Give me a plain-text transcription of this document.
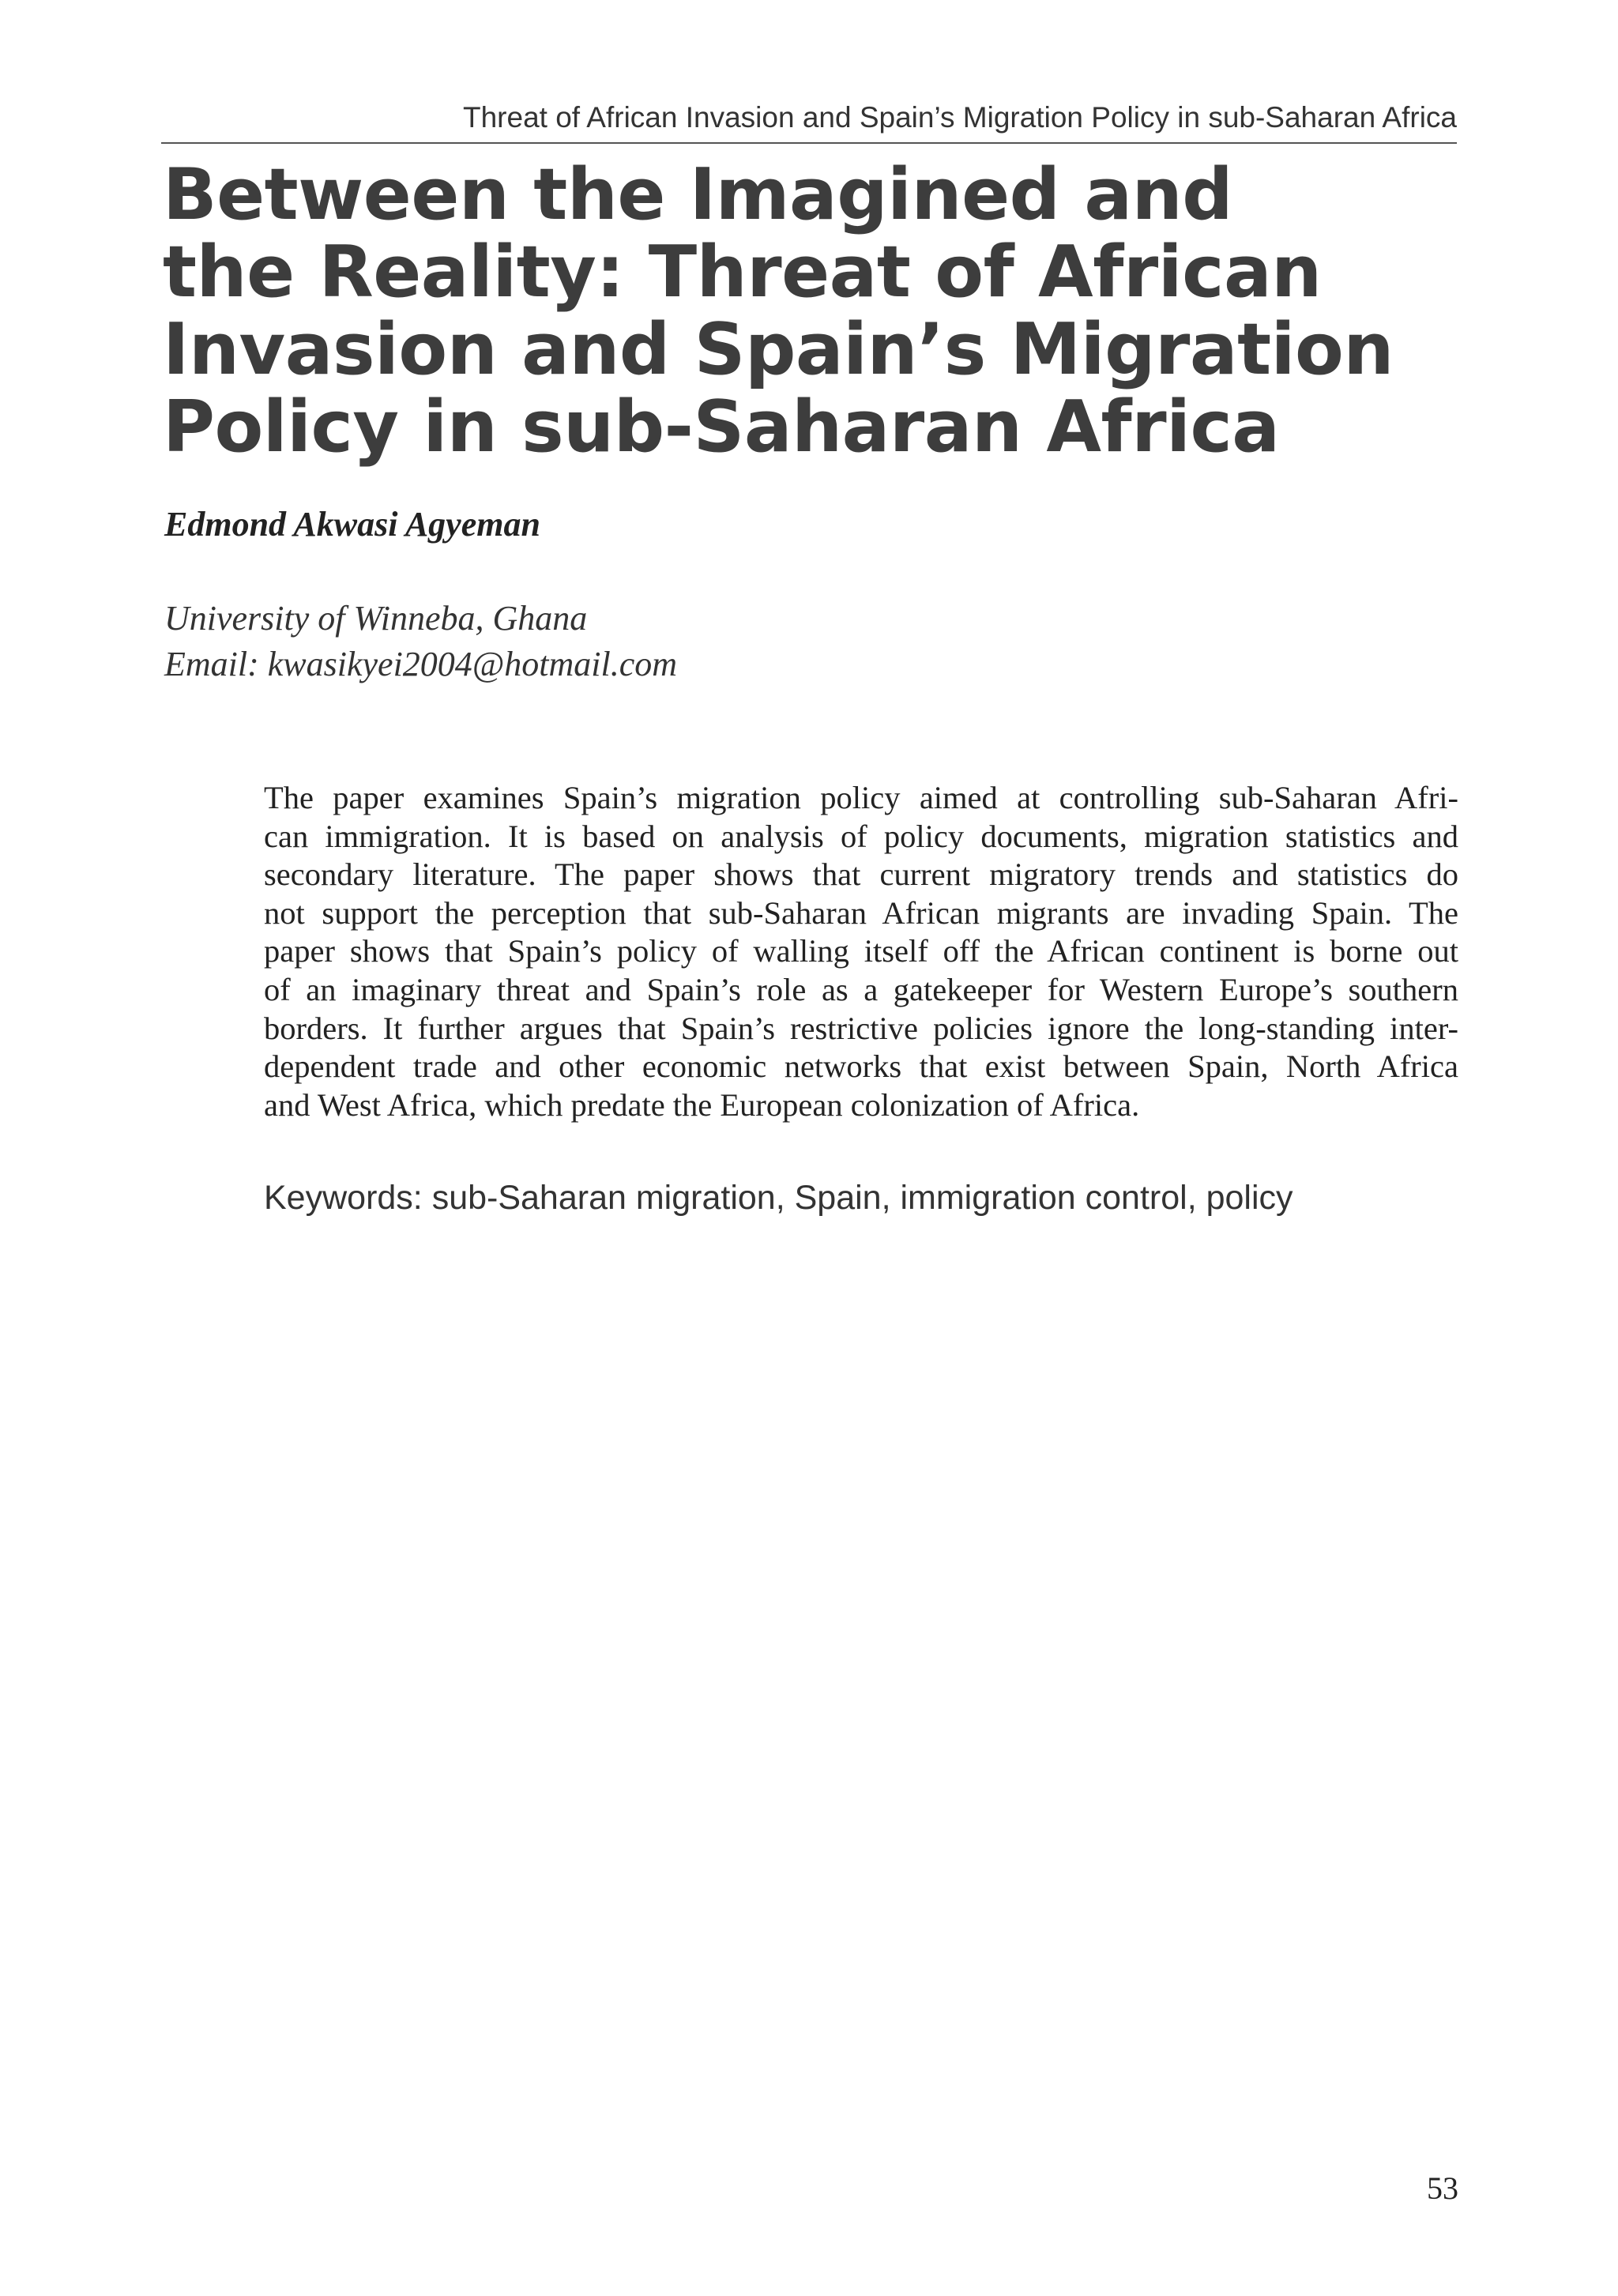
Threat of African Invasion and Spain’s Migration Policy in sub-Saharan Africa
Between the Imagined and
the Reality: Threat of African
Invasion and Spain’s Migration
Policy in sub-Saharan Africa
Edmond Akwasi Agyeman
University of Winneba, Ghana
Email: kwasikyei2004@hotmail.com
The paper examines Spain’s migration policy aimed at controlling sub-Saharan Afri-
can immigration. It is based on analysis of policy documents, migration statistics and
secondary literature. The paper shows that current migratory trends and statistics do
not support the perception that sub-Saharan African migrants are invading Spain. The
paper shows that Spain’s policy of walling itself off the African continent is borne out
of an imaginary threat and Spain’s role as a gatekeeper for Western Europe’s southern
borders. It further argues that Spain’s restrictive policies ignore the long-standing inter-
dependent trade and other economic networks that exist between Spain, North Africa
and West Africa, which predate the European colonization of Africa.
Keywords: sub-Saharan migration, Spain, immigration control, policy
53
